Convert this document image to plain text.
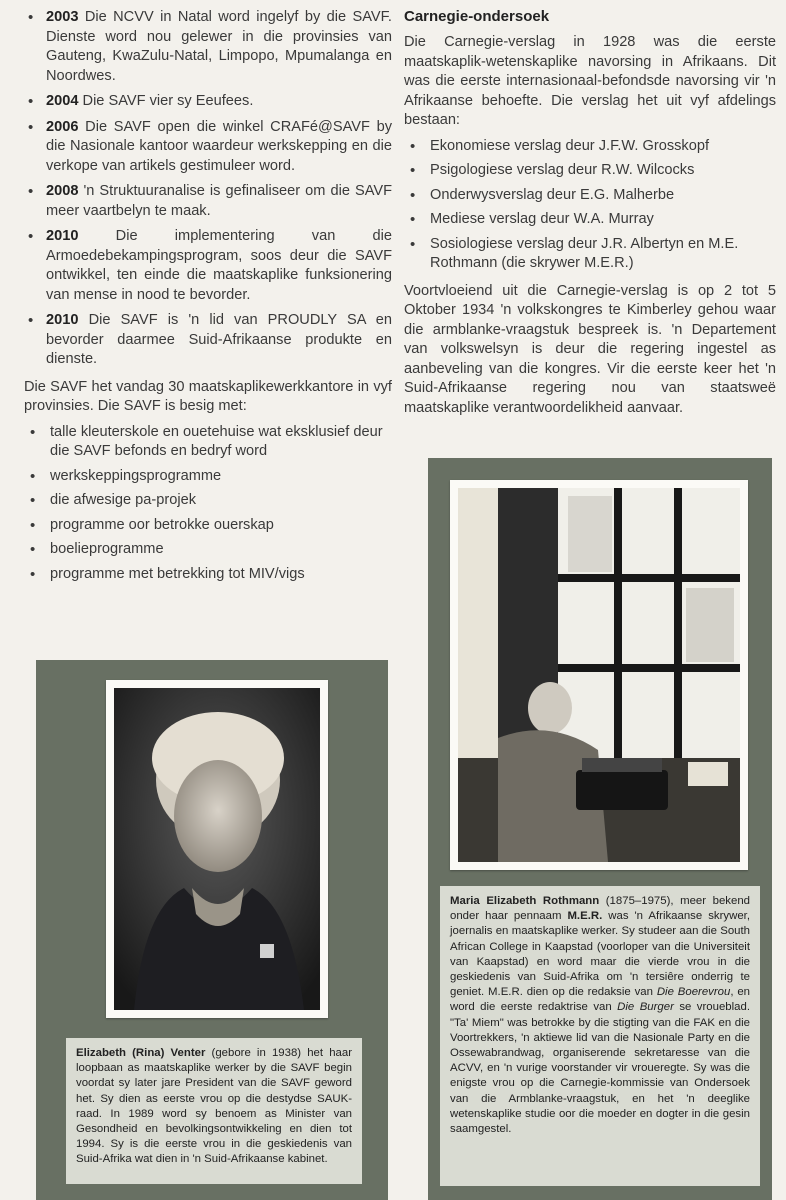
• 2003 Die NCVV in Natal word ingelyf by die SAVF. Dienste word nou gelewer in die provinsies van Gauteng, KwaZulu-Natal, Limpopo, Mpumalanga en Noordwes.
• 2004 Die SAVF vier sy Eeufees.
• 2006 Die SAVF open die winkel CRAFé@SAVF by die Nasionale kantoor waardeur werkskepping en die verkope van artikels gestimuleer word.
• 2008 'n Struktuuranalise is gefinaliseer om die SAVF meer vaartbelyn te maak.
• 2010 Die implementering van die Armoedebekampingsprogram, soos deur die SAVF ontwikkel, ten einde die maatskaplike funksionering van mense in nood te bevorder.
• 2010 Die SAVF is 'n lid van PROUDLY SA en bevorder daarmee Suid-Afrikaanse produkte en dienste.

Die SAVF het vandag 30 maatskaplikewerkkantore in vyf provinsies. Die SAVF is besig met:

• talle kleuterskole en ouetehuise wat eksklusief deur die SAVF befonds en bedryf word
• werkskeppingsprogramme
• die afwesige pa-projek
• programme oor betrokke ouerskap
• boelieprogramme
• programme met betrekking tot MIV/vigs
Carnegie-ondersoek

Die Carnegie-verslag in 1928 was die eerste maatskaplik-wetenskaplike navorsing in Afrikaans. Dit was die eerste internasionaal-befondsde navorsing vir 'n Afrikaanse behoefte. Die verslag het uit vyf afdelings bestaan:

• Ekonomiese verslag deur J.F.W. Grosskopf
• Psigologiese verslag deur R.W. Wilcocks
• Onderwysverslag deur E.G. Malherbe
• Mediese verslag deur W.A. Murray
• Sosiologiese verslag deur J.R. Albertyn en M.E. Rothmann (die skrywer M.E.R.)

Voortvloeiend uit die Carnegie-verslag is op 2 tot 5 Oktober 1934 'n volkskongres te Kimberley gehou waar die armblanke-vraagstuk bespreek is. 'n Departement van volkswelsyn is deur die regering ingestel as aanbeveling van die kongres. Vir die eerste keer het 'n Suid-Afrikaanse regering nou van staatsweë maatskaplike verantwoordelikheid aanvaar.

Elizabeth (Rina) Venter (gebore in 1938) het haar loopbaan as maatskaplike werker by die SAVF begin voordat sy later jare President van die SAVF geword het. Sy dien as eerste vrou op die destydse SAUK-raad. In 1989 word sy benoem as Minister van Gesondheid en bevolkingsontwikkeling en dien tot 1994. Sy is die eerste vrou in die geskiedenis van Suid-Afrika wat dien in 'n Suid-Afrikaanse kabinet.
Maria Elizabeth Rothmann (1875–1975), meer bekend onder haar pennaam M.E.R. was 'n Afrikaanse skrywer, joernalis en maatskaplike werker. Sy studeer aan die South African College in Kaapstad (voorloper van die Universiteit van Kaapstad) en word maar die vierde vrou in die geskiedenis van Suid-Afrika om 'n tersiêre onderrig te geniet. M.E.R. dien op die redaksie van Die Boerevrou, en word die eerste redaktrise van Die Burger se vroueblad. "Ta' Miem" was betrokke by die stigting van die FAK en die Voortrekkers, 'n aktiewe lid van die Nasionale Party en die Ossewabrandwag, organiserende sekretaresse van die ACVV, en 'n vurige voorstander vir vroueregte. Sy was die enigste vrou op die Carnegie-kommissie van Ondersoek van die Armblanke-vraagstuk, en het 'n deeglike wetenskaplike studie oor die moeder en dogter in die gesin saamgestel.
